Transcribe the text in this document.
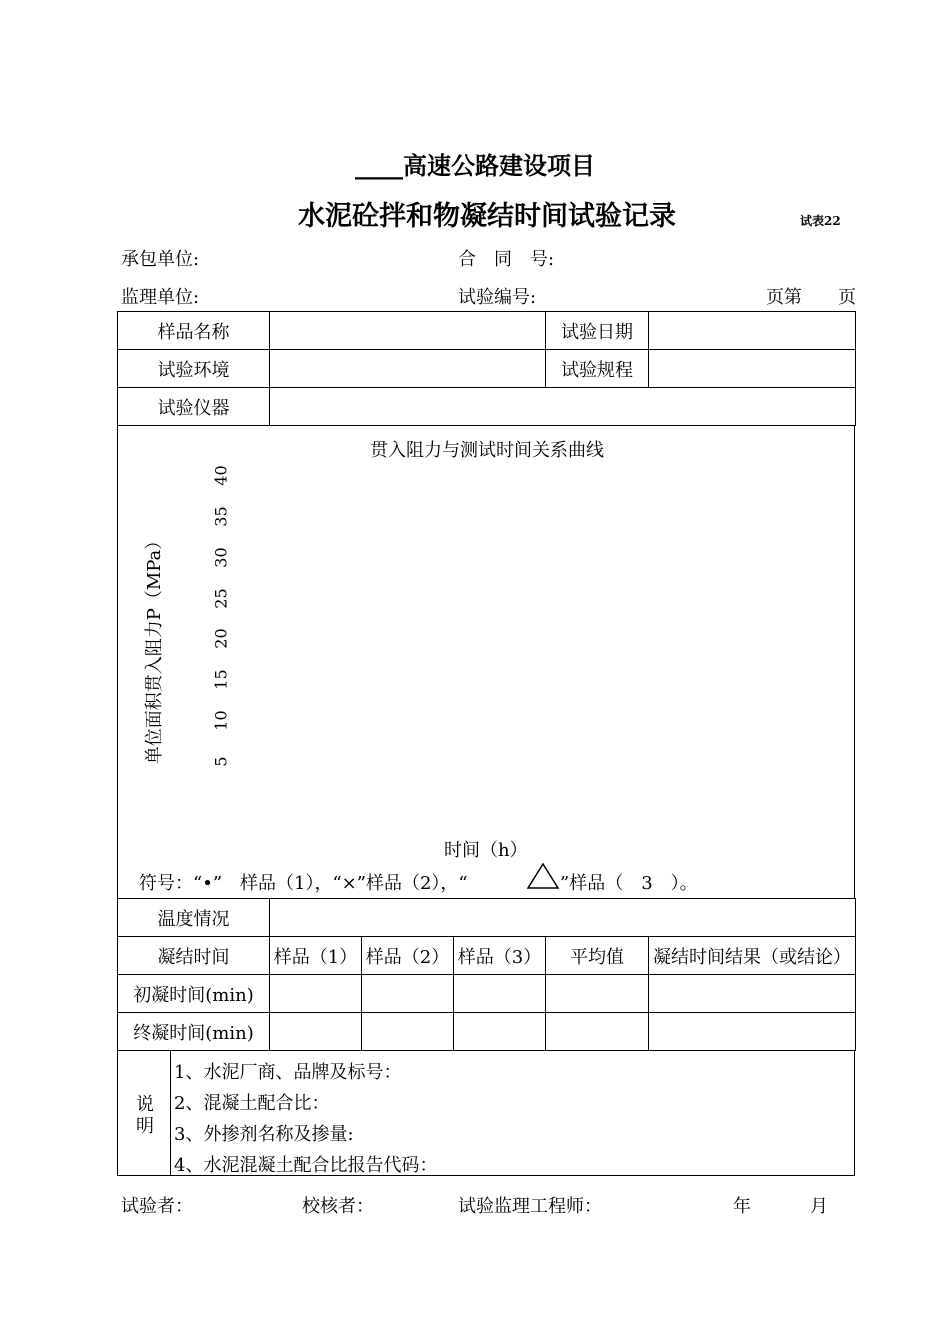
____高速公路建设项目
水泥砼拌和物凝结时间试验记录	试表22
承包单位:	合　同　号:
监理单位:	试验编号:	页第　　页
样品名称		试验日期	
试验环境		试验规程	
试验仪器			
贯入阻力与测试时间关系曲线
单位面积贯入阻力P（MPa）	5
10
15
20
25
30
35
40
时间（h）
符号：“•”　样品（1），“×”样品（2），“	”样品（　3　）。
温度情况					
凝结时间	样品（1）	样品（2）	样品（3）	平均值	凝结时间结果（或结论）
初凝时间(min)					
终凝时间(min)					
说明
1、水泥厂商、品牌及标号：
2、混凝土配合比：
3、外掺剂名称及掺量:
4、水泥混凝土配合比报告代码：
试验者：	校核者：	试验监理工程师：	年	月
